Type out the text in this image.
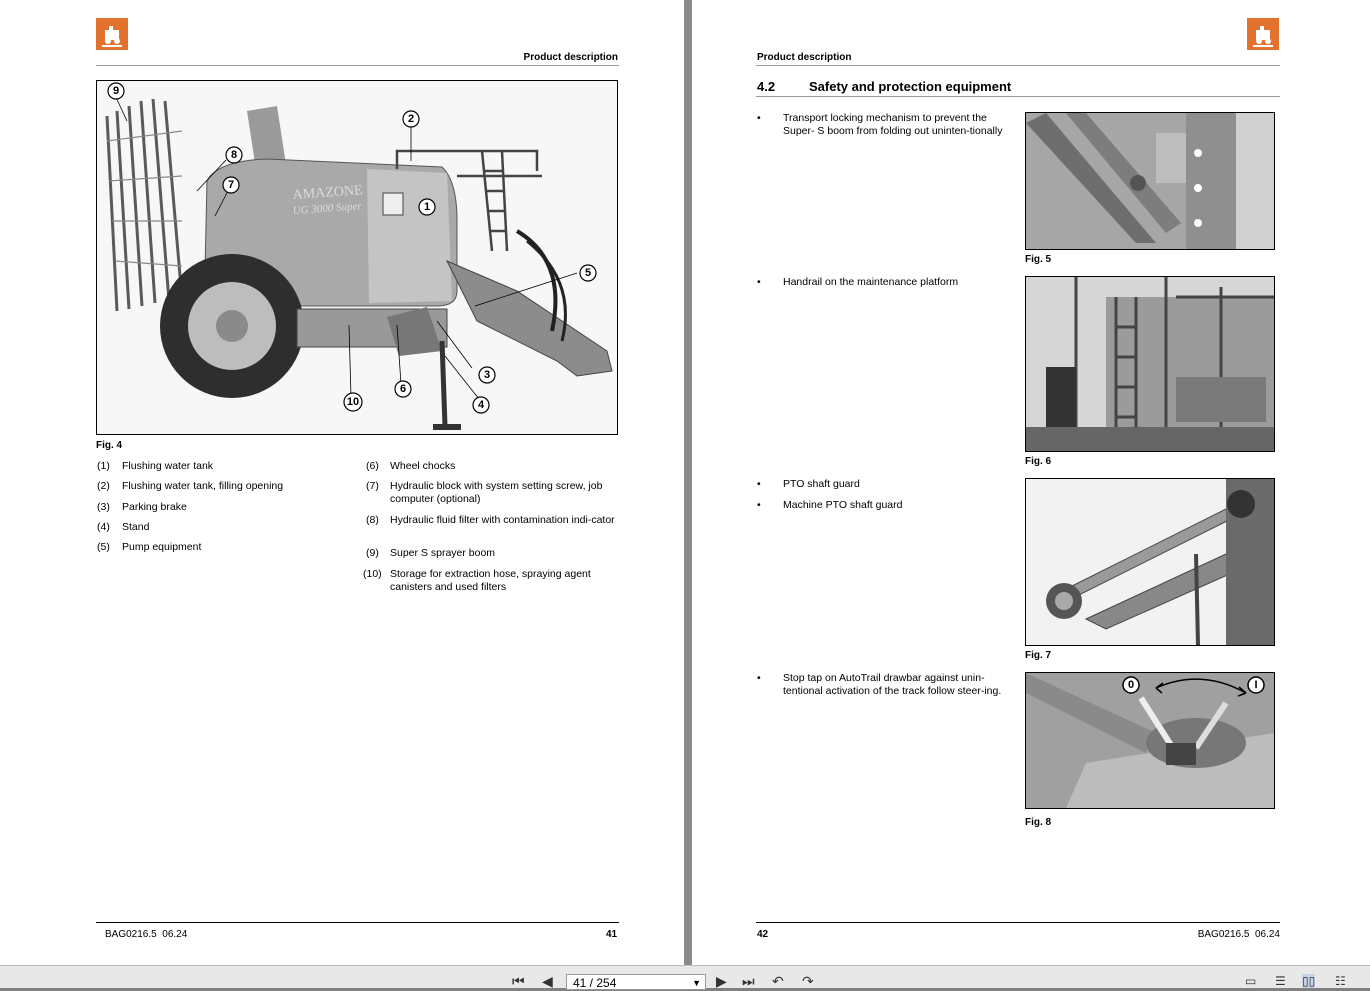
Product description
AMAZONE
UG 3000 Super	1
2
3
4
5
6
7
8
9
10
Fig. 4
(1) Flushing water tank
(2) Flushing water tank, filling opening
(3) Parking brake
(4) Stand
(5) Pump equipment
(6) Wheel chocks
(7) Hydraulic block with system setting screw, job computer (optional)
(8) Hydraulic fluid filter with contamination indi-cator
(9) Super S sprayer boom
(10) Storage for extraction hose, spraying agent canisters and used filters
BAG0216.5  06.24	41
Product description
4.2	Safety and protection equipment
• Transport locking mechanism to prevent the Super- S boom from folding out uninten-tionally
Fig. 5
• Handrail on the maintenance platform
Fig. 6
• PTO shaft guard
• Machine PTO shaft guard
Fig. 7
• Stop tap on AutoTrail drawbar against unin-tentional activation of the track follow steer-ing.	0	I
Fig. 8
42	BAG0216.5  06.24
⏮ ◀	41 / 254	▼ ▶ ⏭ ↶ ↷	▭ ☰ ▯▯ ☷
